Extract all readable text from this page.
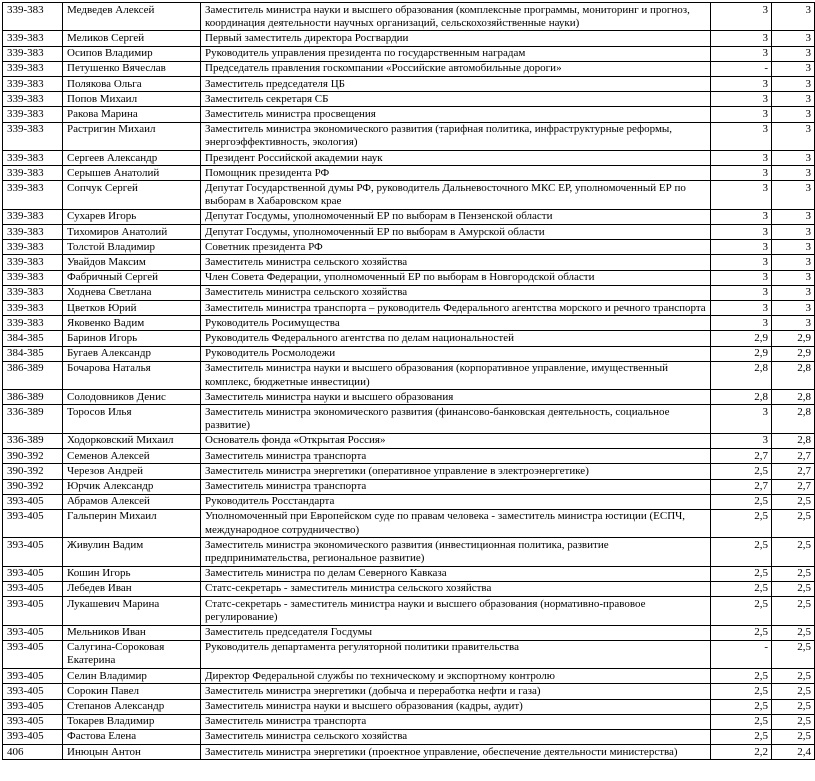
339-383	Медведев Алексей	Заместитель министра науки и высшего образования (комплексные программы, мониторинг и прогноз, координация деятельности научных организаций, сельскохозяйственные науки)	3	3
339-383	Меликов Сергей	Первый заместитель директора Росгвардии	3	3
339-383	Осипов Владимир	Руководитель управления президента по государственным наградам	3	3
339-383	Петушенко Вячеслав	Председатель правления госкомпании «Российские автомобильные дороги»	-	3
339-383	Полякова Ольга	Заместитель председателя ЦБ	3	3
339-383	Попов Михаил	Заместитель секретаря СБ	3	3
339-383	Ракова Марина	Заместитель министра просвещения	3	3
339-383	Растригин Михаил	Заместитель министра экономического развития (тарифная политика, инфраструктурные реформы, энергоэффективность, экология)	3	3
339-383	Сергеев Александр	Президент Российской академии наук	3	3
339-383	Серышев Анатолий	Помощник президента РФ	3	3
339-383	Сопчук Сергей	Депутат Государственной думы РФ, руководитель Дальневосточного МКС ЕР, уполномоченный ЕР по выборам в Хабаровском крае	3	3
339-383	Сухарев Игорь	Депутат Госдумы, уполномоченный ЕР по выборам в Пензенской области	3	3
339-383	Тихомиров Анатолий	Депутат Госдумы, уполномоченный ЕР по выборам в Амурской области	3	3
339-383	Толстой Владимир	Советник президента РФ	3	3
339-383	Увайдов Максим	Заместитель министра сельского хозяйства	3	3
339-383	Фабричный Сергей	Член Совета Федерации, уполномоченный ЕР по выборам в Новгородской области	3	3
339-383	Ходнева Светлана	Заместитель министра сельского хозяйства	3	3
339-383	Цветков Юрий	Заместитель министра транспорта – руководитель Федерального агентства морского и речного транспорта	3	3
339-383	Яковенко Вадим	Руководитель Росимущества	3	3
384-385	Баринов Игорь	Руководитель Федерального агентства по делам национальностей	2,9	2,9
384-385	Бугаев Александр	Руководитель Росмолодежи	2,9	2,9
386-389	Бочарова Наталья	Заместитель министра науки и высшего образования (корпоративное управление, имущественный комплекс, бюджетные инвестиции)	2,8	2,8
386-389	Солодовников Денис	Заместитель министра науки и высшего образования	2,8	2,8
336-389	Торосов Илья	Заместитель министра экономического развития (финансово-банковская деятельность, социальное развитие)	3	2,8
336-389	Ходорковский Михаил	Основатель фонда «Открытая Россия»	3	2,8
390-392	Семенов Алексей	Заместитель министра транспорта	2,7	2,7
390-392	Черезов Андрей	Заместитель министра энергетики (оперативное управление в электроэнергетике)	2,5	2,7
390-392	Юрчик Александр	Заместитель министра транспорта	2,7	2,7
393-405	Абрамов Алексей	Руководитель Росстандарта	2,5	2,5
393-405	Гальперин Михаил	Уполномоченный при Европейском суде по правам человека - заместитель министра юстиции (ЕСПЧ, международное сотрудничество)	2,5	2,5
393-405	Живулин Вадим	Заместитель министра экономического развития (инвестиционная политика, развитие предпринимательства, региональное развитие)	2,5	2,5
393-405	Кошин Игорь	Заместитель министра по делам Северного Кавказа	2,5	2,5
393-405	Лебедев Иван	Статс-секретарь - заместитель министра сельского хозяйства	2,5	2,5
393-405	Лукашевич Марина	Статс-секретарь - заместитель министра науки и высшего образования (нормативно-правовое регулирование)	2,5	2,5
393-405	Мельников Иван	Заместитель председателя Госдумы	2,5	2,5
393-405	Салугина-Сороковая Екатерина	Руководитель департамента регуляторной политики правительства	-	2,5
393-405	Селин Владимир	Директор Федеральной службы по техническому и экспортному контролю	2,5	2,5
393-405	Сорокин Павел	Заместитель министра энергетики (добыча и переработка нефти и газа)	2,5	2,5
393-405	Степанов Александр	Заместитель министра науки и высшего образования (кадры, аудит)	2,5	2,5
393-405	Токарев Владимир	Заместитель министра транспорта	2,5	2,5
393-405	Фастова Елена	Заместитель министра сельского хозяйства	2,5	2,5
406	Инюцын Антон	Заместитель министра энергетики (проектное управление, обеспечение деятельности министерства)	2,2	2,4
